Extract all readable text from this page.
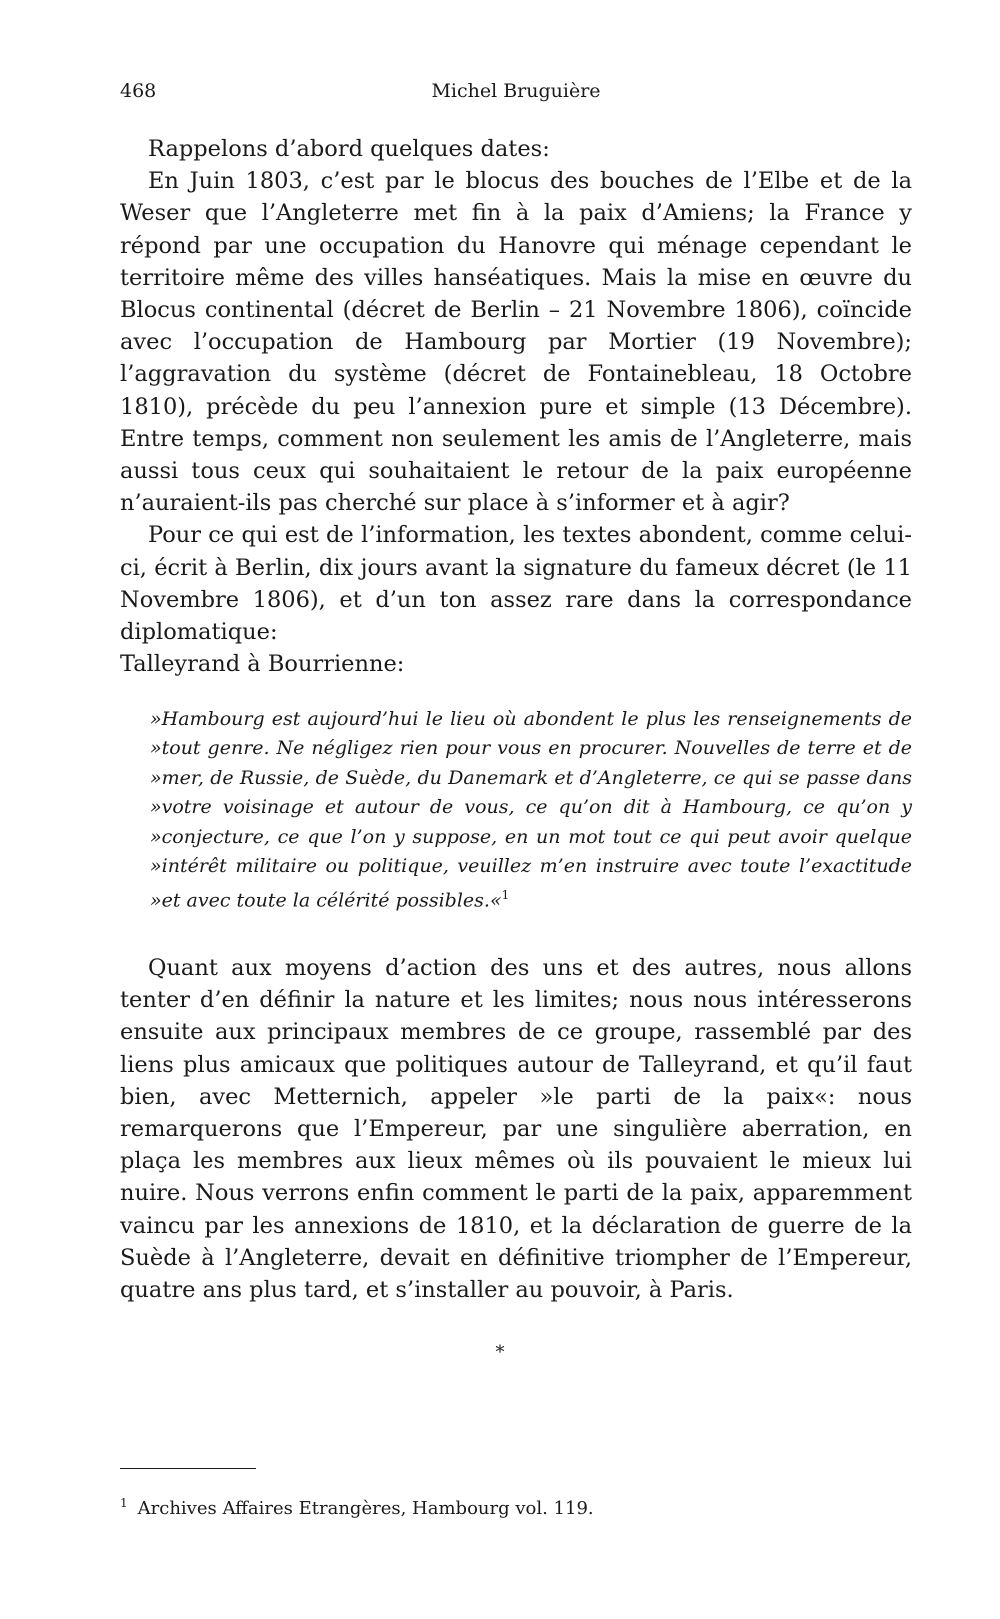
468	Michel Bruguière

Rappelons d’abord quelques dates:

En Juin 1803, c’est par le blocus des bouches de l’Elbe et de la Weser que l’Angleterre met fin à la paix d’Amiens; la France y répond par une occupation du Hanovre qui ménage cependant le territoire même des villes hanséatiques. Mais la mise en œuvre du Blocus continental (décret de Berlin – 21 Novembre 1806), coïncide avec l’occupation de Hambourg par Mortier (19 Novembre); l’aggravation du système (décret de Fontainebleau, 18 Octobre 1810), précède du peu l’annexion pure et simple (13 Décembre). Entre temps, comment non seulement les amis de l’Angleterre, mais aussi tous ceux qui souhaitaient le retour de la paix européenne n’auraient-ils pas cherché sur place à s’informer et à agir?

Pour ce qui est de l’information, les textes abondent, comme celui-ci, écrit à Berlin, dix jours avant la signature du fameux décret (le 11 Novembre 1806), et d’un ton assez rare dans la correspondance diplomatique:

Talleyrand à Bourrienne:

»Hambourg est aujourd’hui le lieu où abondent le plus les renseignements de »tout genre. Ne négligez rien pour vous en procurer. Nouvelles de terre et de »mer, de Russie, de Suède, du Danemark et d’Angleterre, ce qui se passe dans »votre voisinage et autour de vous, ce qu’on dit à Hambourg, ce qu’on y »conjecture, ce que l’on y suppose, en un mot tout ce qui peut avoir quelque »intérêt militaire ou politique, veuillez m’en instruire avec toute l’exactitude »et avec toute la célérité possibles.«$^1$

Quant aux moyens d’action des uns et des autres, nous allons tenter d’en définir la nature et les limites; nous nous intéresserons ensuite aux principaux membres de ce groupe, rassemblé par des liens plus amicaux que politiques autour de Talleyrand, et qu’il faut bien, avec Metternich, appeler »le parti de la paix«: nous remarquerons que l’Empereur, par une singulière aberration, en plaça les membres aux lieux mêmes où ils pouvaient le mieux lui nuire. Nous verrons enfin comment le parti de la paix, apparemment vaincu par les annexions de 1810, et la déclaration de guerre de la Suède à l’Angleterre, devait en définitive triompher de l’Empereur, quatre ans plus tard, et s’installer au pouvoir, à Paris.

*
$^1$ Archives Affaires Etrangères, Hambourg vol. 119.
